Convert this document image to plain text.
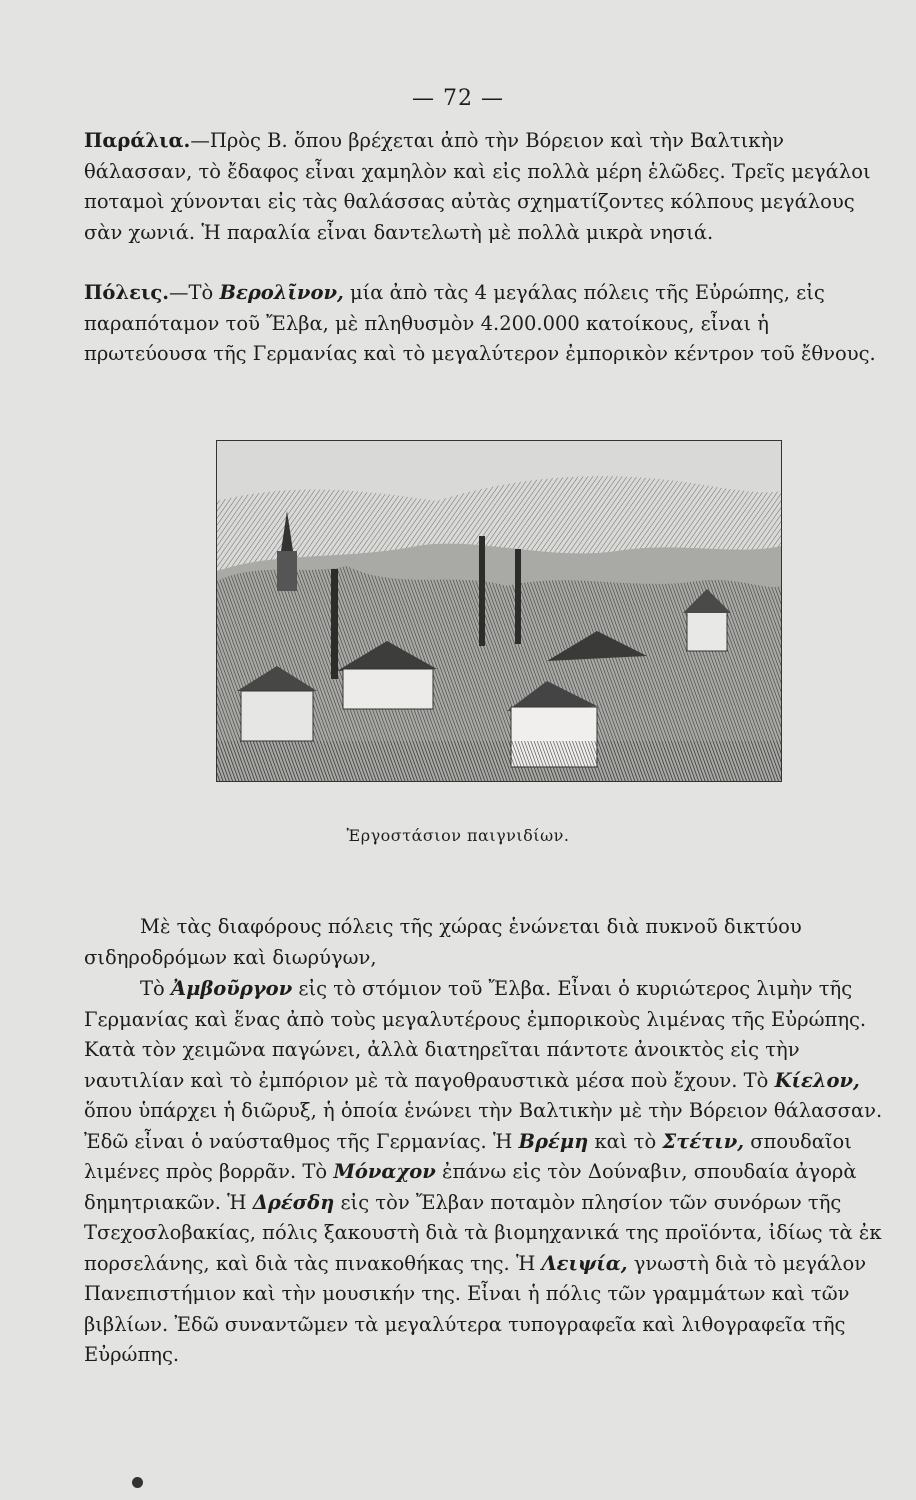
— 72 —

Παράλια.—Πρὸς Β. ὅπου βρέχεται ἀπὸ τὴν Βόρειον καὶ τὴν Βαλτικὴν θάλασσαν, τὸ ἔδαφος εἶναι χαμηλὸν καὶ εἰς πολλὰ μέρη ἑλῶδες. Τρεῖς μεγάλοι ποταμοὶ χύνονται εἰς τὰς θαλάσσας αὐτὰς σχηματίζοντες κόλπους μεγάλους σὰν χωνιά. Ἡ παραλία εἶναι δαντελωτὴ μὲ πολλὰ μικρὰ νησιά.

Πόλεις.—Τὸ Βερολῖνον, μία ἀπὸ τὰς 4 μεγάλας πόλεις τῆς Εὐρώπης, εἰς παραπόταμον τοῦ Ἔλβα, μὲ πληθυσμὸν 4.200.000 κατοίκους, εἶναι ἡ πρωτεύουσα τῆς Γερμανίας καὶ τὸ μεγαλύτερον ἐμπορικὸν κέντρον τοῦ ἔθνους.

Ἐργοστάσιον παιγνιδίων.

Μὲ τὰς διαφόρους πόλεις τῆς χώρας ἑνώνεται διὰ πυκνοῦ δικτύου σιδηροδρόμων καὶ διωρύγων,

Τὸ Ἀμβοῦργον εἰς τὸ στόμιον τοῦ Ἔλβα. Εἶναι ὁ κυριώτερος λιμὴν τῆς Γερμανίας καὶ ἕνας ἀπὸ τοὺς μεγαλυτέρους ἐμπορικοὺς λιμένας τῆς Εὐρώπης. Κατὰ τὸν χειμῶνα παγώνει, ἀλλὰ διατηρεῖται πάντοτε ἀνοικτὸς εἰς τὴν ναυτιλίαν καὶ τὸ ἐμπόριον μὲ τὰ παγοθραυστικὰ μέσα ποὺ ἔχουν. Τὸ Κίελον, ὅπου ὑπάρχει ἡ διῶρυξ, ἡ ὁποία ἑνώνει τὴν Βαλτικὴν μὲ τὴν Βόρειον θάλασσαν. Ἐδῶ εἶναι ὁ ναύσταθμος τῆς Γερμανίας. Ἡ Βρέμη καὶ τὸ Στέτιν, σπουδαῖοι λιμένες πρὸς βορρᾶν. Τὸ Μόναχον ἐπάνω εἰς τὸν Δούναβιν, σπουδαία ἀγορὰ δημητριακῶν. Ἡ Δρέσδη εἰς τὸν Ἔλβαν ποταμὸν πλησίον τῶν συνόρων τῆς Τσεχοσλοβακίας, πόλις ξακουστὴ διὰ τὰ βιομηχανικά της προϊόντα, ἰδίως τὰ ἐκ πορσελάνης, καὶ διὰ τὰς πινακοθήκας της. Ἡ Λειψία, γνωστὴ διὰ τὸ μεγάλον Πανεπιστήμιον καὶ τὴν μουσικήν της. Εἶναι ἡ πόλις τῶν γραμμάτων καὶ τῶν βιβλίων. Ἐδῶ συναντῶμεν τὰ μεγαλύτερα τυπογραφεῖα καὶ λιθογραφεῖα τῆς Εὐρώπης.
